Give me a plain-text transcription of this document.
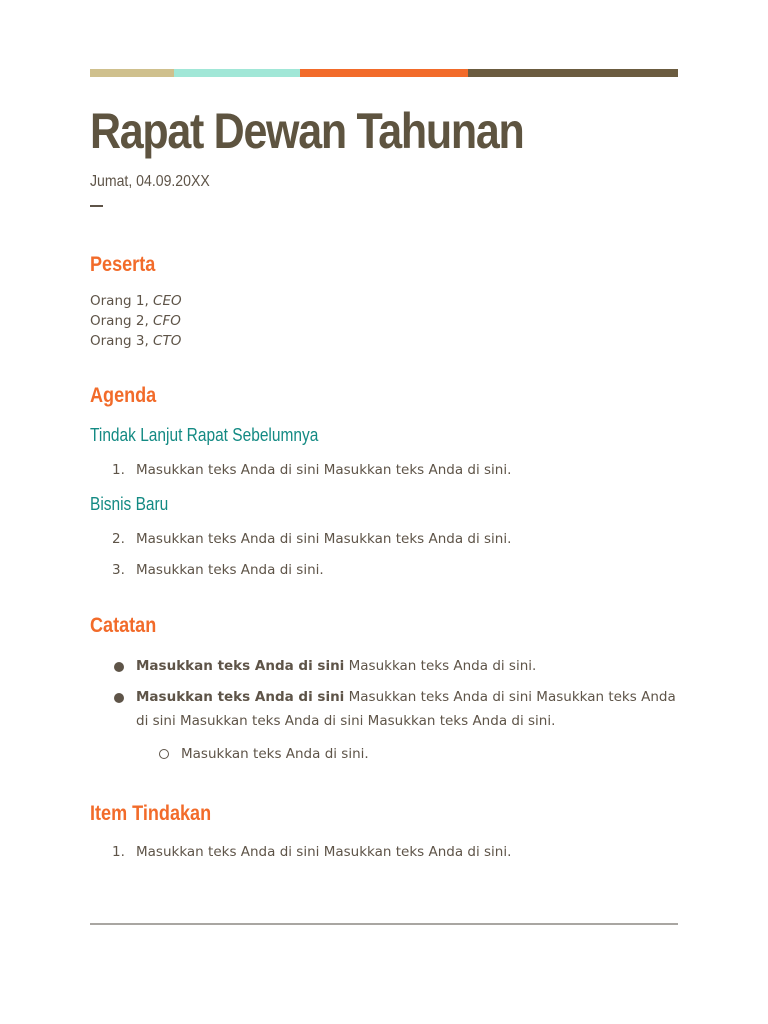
Rapat Dewan Tahunan
Jumat, 04.09.20XX
Peserta
Orang 1, CEO
Orang 2, CFO
Orang 3, CTO
Agenda
Tindak Lanjut Rapat Sebelumnya
1. Masukkan teks Anda di sini Masukkan teks Anda di sini.
Bisnis Baru
2. Masukkan teks Anda di sini Masukkan teks Anda di sini.
3. Masukkan teks Anda di sini.
Catatan
Masukkan teks Anda di sini Masukkan teks Anda di sini.
Masukkan teks Anda di sini Masukkan teks Anda di sini Masukkan teks Anda di sini Masukkan teks Anda di sini Masukkan teks Anda di sini.
Masukkan teks Anda di sini.
Item Tindakan
1. Masukkan teks Anda di sini Masukkan teks Anda di sini.
